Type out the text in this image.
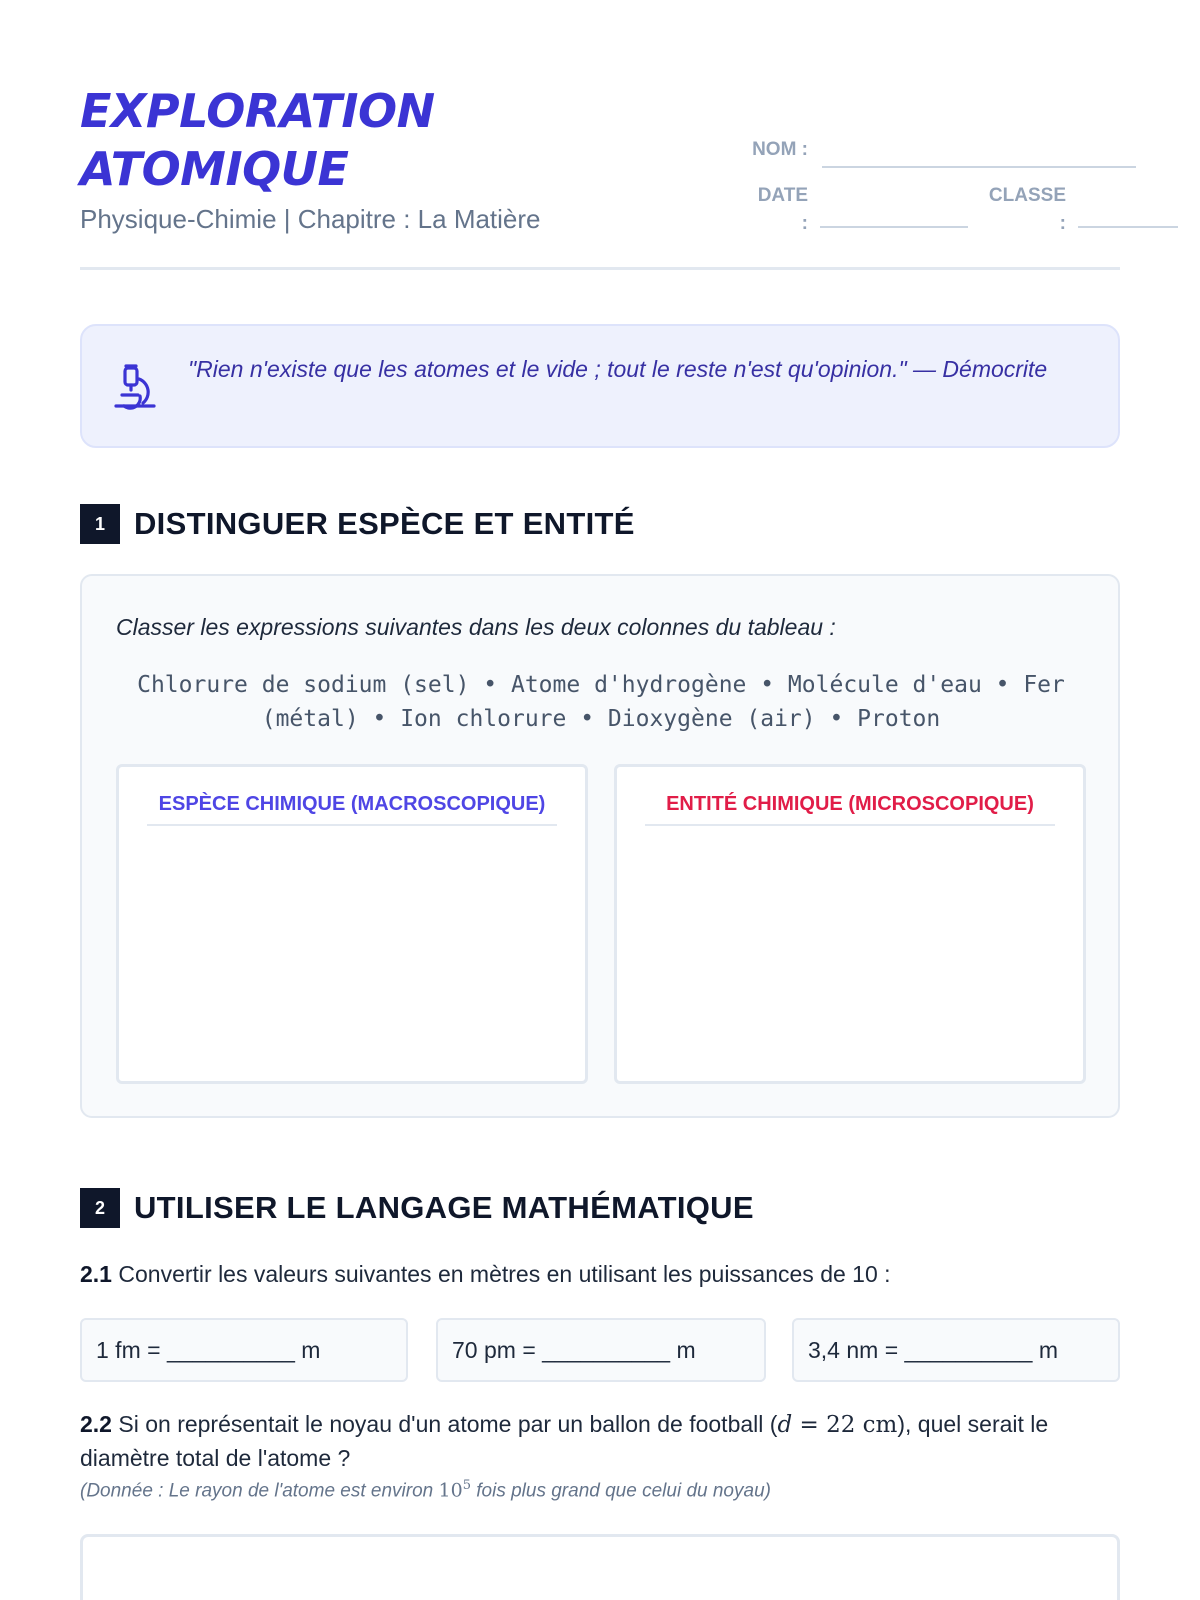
EXPLORATION
ATOMIQUE
Physique-Chimie | Chapitre : La Matière
NOM :
DATE
:
CLASSE
:
"Rien n'existe que les atomes et le vide ; tout le reste n'est qu'opinion." — Démocrite
1 DISTINGUER ESPÈCE ET ENTITÉ
Classer les expressions suivantes dans les deux colonnes du tableau :
Chlorure de sodium (sel) • Atome d'hydrogène • Molécule d'eau • Fer (métal) • Ion chlorure • Dioxygène (air) • Proton
ESPÈCE CHIMIQUE (MACROSCOPIQUE)	ENTITÉ CHIMIQUE (MICROSCOPIQUE)
2 UTILISER LE LANGAGE MATHÉMATIQUE
2.1 Convertir les valeurs suivantes en mètres en utilisant les puissances de 10 :
1 fm = __________ m	70 pm = __________ m	3,4 nm = __________ m
2.2 Si on représentait le noyau d'un atome par un ballon de football (d = 22 cm), quel serait le diamètre total de l'atome ?
(Donnée : Le rayon de l'atome est environ $10^5$ fois plus grand que celui du noyau)
